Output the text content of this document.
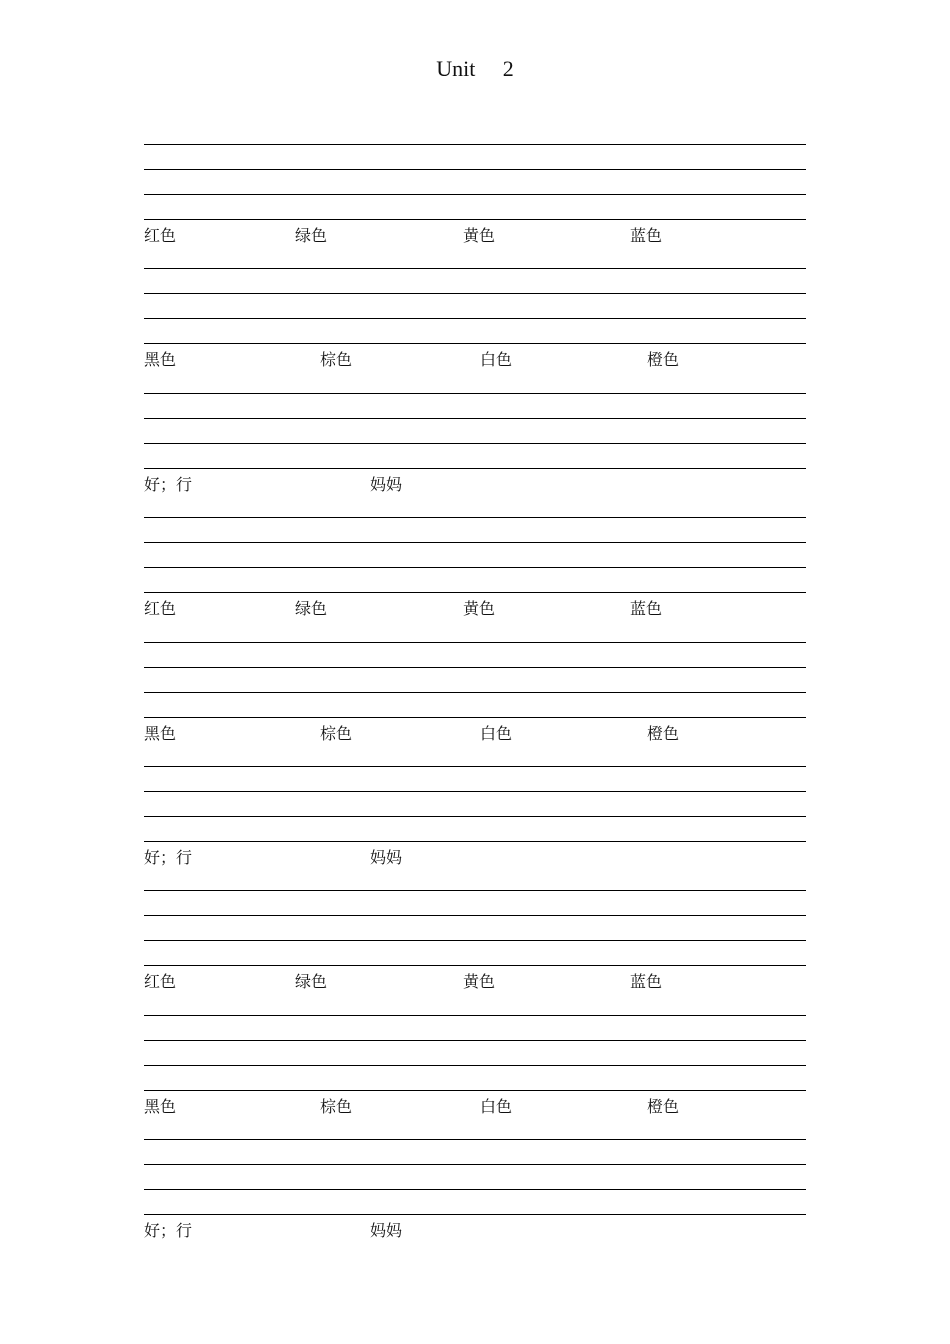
Unit  2
红色	绿色	黄色	蓝色
黑色	棕色	白色	橙色
好；行	妈妈
红色	绿色	黄色	蓝色
黑色	棕色	白色	橙色
好；行	妈妈
红色	绿色	黄色	蓝色
黑色	棕色	白色	橙色
好；行	妈妈
